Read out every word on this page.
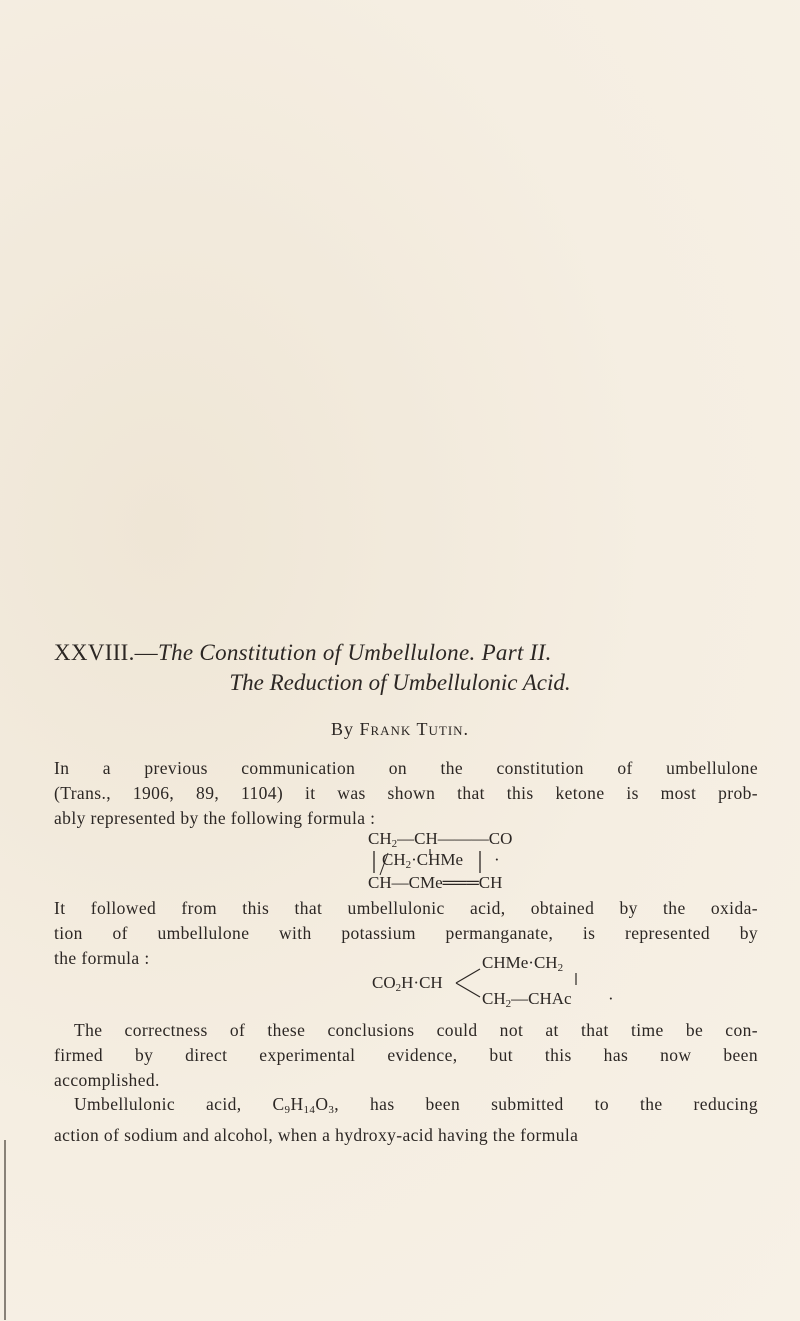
XXVIII.—The Constitution of Umbellulone. Part II.
The Reduction of Umbellulonic Acid.
By Frank Tutin.
In a previous communication on the constitution of umbellulone
(Trans., 1906, 89, 1104) it was shown that this ketone is most prob-
ably represented by the following formula :
$CH_2—CH———CO$
$CH_2\cdot CHMe$ ·
CH—CMe═══CH
It followed from this that umbellulonic acid, obtained by the oxida-
tion of umbellulone with potassium permanganate, is represented by
the formula :
$CO_2H\cdot CH$
$CHMe\cdot CH_2$
$CH_2—CHAc$ ·
The correctness of these conclusions could not at that time be con-
firmed by direct experimental evidence, but this has now been
accomplished.
Umbellulonic acid, $C_9H_{14}O_3$, has been submitted to the reducing
action of sodium and alcohol, when a hydroxy-acid having the formula
